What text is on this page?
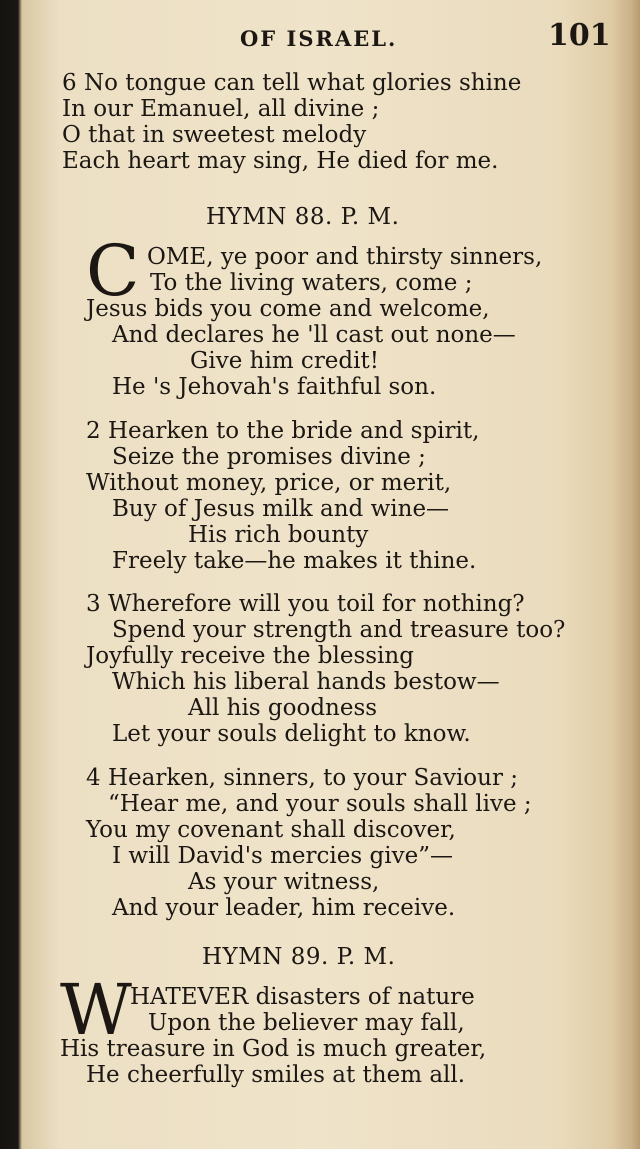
OF ISRAEL.	101
6 No tongue can tell what glories shine
In our Emanuel, all divine ;
O that in sweetest melody
Each heart may sing, He died for me.
HYMN 88. P. M.
C OME, ye poor and thirsty sinners,
To the living waters, come ;
Jesus bids you come and welcome,
And declares he 'll cast out none—
Give him credit!
He 's Jehovah's faithful son.
2 Hearken to the bride and spirit,
Seize the promises divine ;
Without money, price, or merit,
Buy of Jesus milk and wine—
His rich bounty
Freely take—he makes it thine.
3 Wherefore will you toil for nothing?
Spend your strength and treasure too?
Joyfully receive the blessing
Which his liberal hands bestow—
All his goodness
Let your souls delight to know.
4 Hearken, sinners, to your Saviour ;
“Hear me, and your souls shall live ;
You my covenant shall discover,
I will David's mercies give”—
As your witness,
And your leader, him receive.
HYMN 89. P. M.
W
HATEVER disasters of nature
Upon the believer may fall,
His treasure in God is much greater,
He cheerfully smiles at them all.
